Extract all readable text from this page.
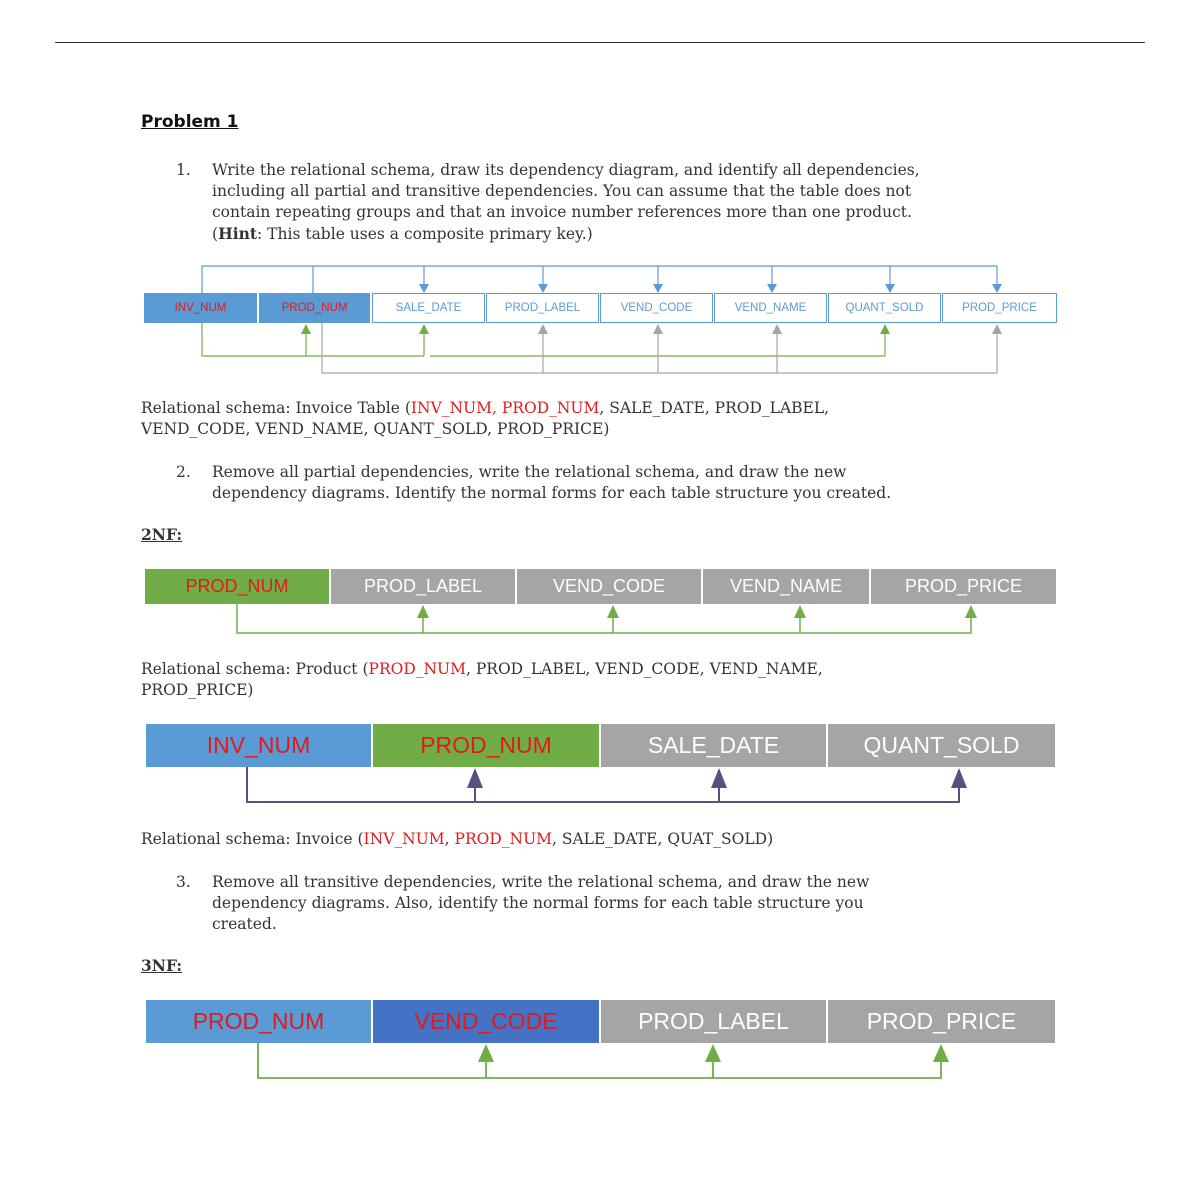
Problem 1
1. Write the relational schema, draw its dependency diagram, and identify all dependencies,
including all partial and transitive dependencies. You can assume that the table does not
contain repeating groups and that an invoice number references more than one product.
(Hint: This table uses a composite primary key.)
INV_NUM	PROD_NUM	SALE_DATE	PROD_LABEL	VEND_CODE	VEND_NAME	QUANT_SOLD	PROD_PRICE
Relational schema: Invoice Table (INV_NUM, PROD_NUM, SALE_DATE, PROD_LABEL,
VEND_CODE, VEND_NAME, QUANT_SOLD, PROD_PRICE)
2. Remove all partial dependencies, write the relational schema, and draw the new
dependency diagrams. Identify the normal forms for each table structure you created.
2NF:
PROD_NUM	PROD_LABEL	VEND_CODE	VEND_NAME	PROD_PRICE
Relational schema: Product (PROD_NUM, PROD_LABEL, VEND_CODE, VEND_NAME,
PROD_PRICE)
INV_NUM	PROD_NUM	SALE_DATE	QUANT_SOLD
Relational schema: Invoice (INV_NUM, PROD_NUM, SALE_DATE, QUAT_SOLD)
3. Remove all transitive dependencies, write the relational schema, and draw the new
dependency diagrams. Also, identify the normal forms for each table structure you
created.
3NF:
PROD_NUM	VEND_CODE	PROD_LABEL	PROD_PRICE
